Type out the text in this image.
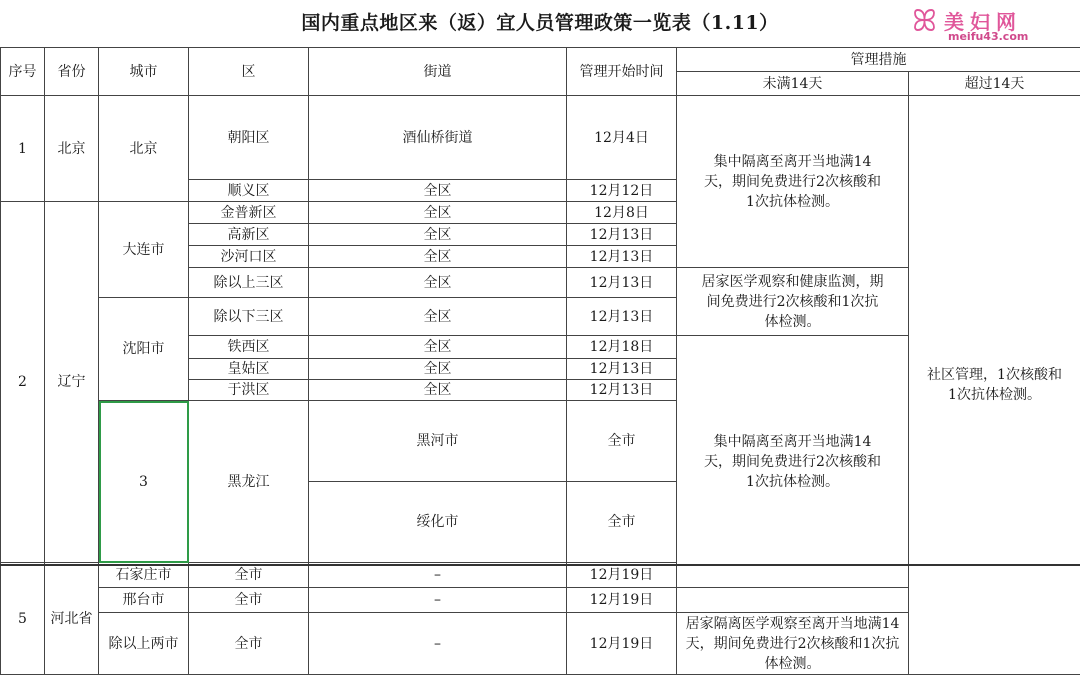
国内重点地区来（返）宜人员管理政策一览表（1.11）	ꕤ 美妇网
meifu43.com
序号	省份	城市	区	街道	管理开始时间	管理措施		
						未满14天	超过14天	
1	北京	北京	朝阳区	酒仙桥街道	12月4日	集中隔离至离开当地满14天，期间免费进行2次核酸和1次抗体检测。	社区管理，1次核酸和1次抗体检测。	
			顺义区	全区	12月12日			
2	辽宁	大连市	金普新区	全区	12月8日			
			高新区	全区	12月13日			
			沙河口区	全区	12月13日			
			除以上三区	全区	12月13日	居家医学观察和健康监测，期间免费进行2次核酸和1次抗体检测。		
		沈阳市	除以下三区	全区	12月13日			
			铁西区	全区	12月18日	集中隔离至离开当地满14天，期间免费进行2次核酸和1次抗体检测。		
			皇姑区	全区	12月13日			
			于洪区	全区	12月13日			
		3	黑龙江	黑河市	全市		
				绥化市	全市		
5	河北省	石家庄市	全市	–	12月19日			
		邢台市	全市	–	12月19日			
		除以上两市	全市	–	12月19日	居家隔离医学观察至离开当地满14天，期间免费进行2次核酸和1次抗体检测。		
